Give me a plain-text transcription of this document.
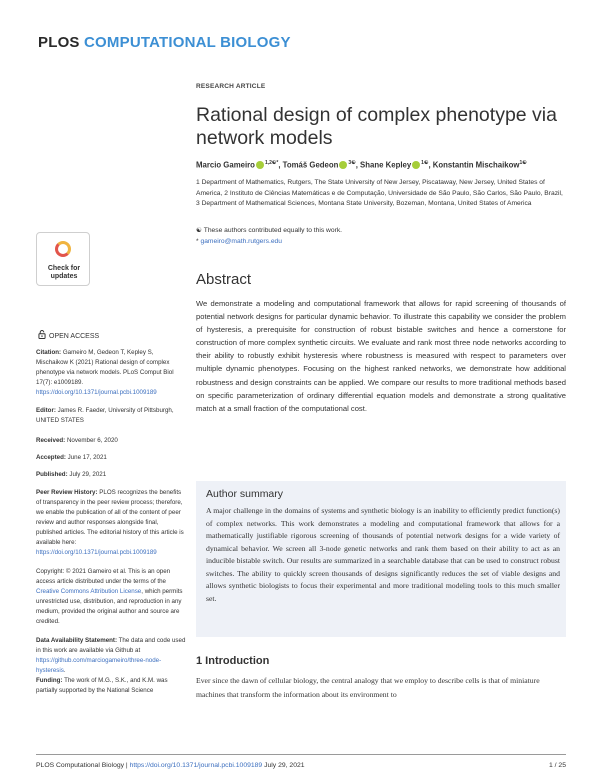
PLOS COMPUTATIONAL BIOLOGY
RESEARCH ARTICLE
Rational design of complex phenotype via network models
Marcio Gameiro $^{1,2☯*}$, Tomáš Gedeon $^{3☯}$, Shane Kepley $^{1☯}$, Konstantin Mischaikow$^{1☯}$
1 Department of Mathematics, Rutgers, The State University of New Jersey, Piscataway, New Jersey, United States of America, 2 Instituto de Ciências Matemáticas e de Computação, Universidade de São Paulo, São Carlos, São Paulo, Brazil, 3 Department of Mathematical Sciences, Montana State University, Bozeman, Montana, United States of America
☯ These authors contributed equally to this work.
* gameiro@math.rutgers.edu
Check for
updates
OPEN ACCESS
Citation: Gameiro M, Gedeon T, Kepley S, Mischaikow K (2021) Rational design of complex phenotype via network models. PLoS Comput Biol 17(7): e1009189. https://doi.org/10.1371/journal.pcbi.1009189
Editor: James R. Faeder, University of Pittsburgh, UNITED STATES
Received: November 6, 2020
Accepted: June 17, 2021
Published: July 29, 2021
Peer Review History: PLOS recognizes the benefits of transparency in the peer review process; therefore, we enable the publication of all of the content of peer review and author responses alongside final, published articles. The editorial history of this article is available here: https://doi.org/10.1371/journal.pcbi.1009189
Copyright: © 2021 Gameiro et al. This is an open access article distributed under the terms of the Creative Commons Attribution License, which permits unrestricted use, distribution, and reproduction in any medium, provided the original author and source are credited.
Data Availability Statement: The data and code used in this work are available via Github at https://github.com/marciogameiro/three-node-hysteresis.
Funding: The work of M.G., S.K., and K.M. was partially supported by the National Science
Abstract
We demonstrate a modeling and computational framework that allows for rapid screening of thousands of potential network designs for particular dynamic behavior. To illustrate this capability we consider the problem of hysteresis, a prerequisite for construction of robust bistable switches and hence a cornerstone for construction of more complex synthetic circuits. We evaluate and rank most three node networks according to their ability to robustly exhibit hysteresis where robustness is measured with respect to parameters over multiple dynamic phenotypes. Focusing on the highest ranked networks, we demonstrate how additional robustness and design constraints can be applied. We compare our results to more traditional methods based on specific parameterization of ordinary differential equation models and demonstrate a strong qualitative match at a small fraction of the computational cost.
Author summary
A major challenge in the domains of systems and synthetic biology is an inability to efficiently predict function(s) of complex networks. This work demonstrates a modeling and computational framework that allows for a mathematically justifiable rigorous screening of thousands of potential network designs for a wide variety of dynamical behavior. We screen all 3-node genetic networks and rank them based on their ability to act as an inducible bistable switch. Our results are summarized in a searchable database that can be used to construct robust switches. The ability to quickly screen thousands of designs significantly reduces the set of viable designs and allows synthetic biologists to focus their experimental and more traditional modeling tools to this much smaller set.
1 Introduction
Ever since the dawn of cellular biology, the central analogy that we employ to describe cells is that of miniature machines that transform the information about its environment to
PLOS Computational Biology | https://doi.org/10.1371/journal.pcbi.1009189 July 29, 2021	1 / 25
